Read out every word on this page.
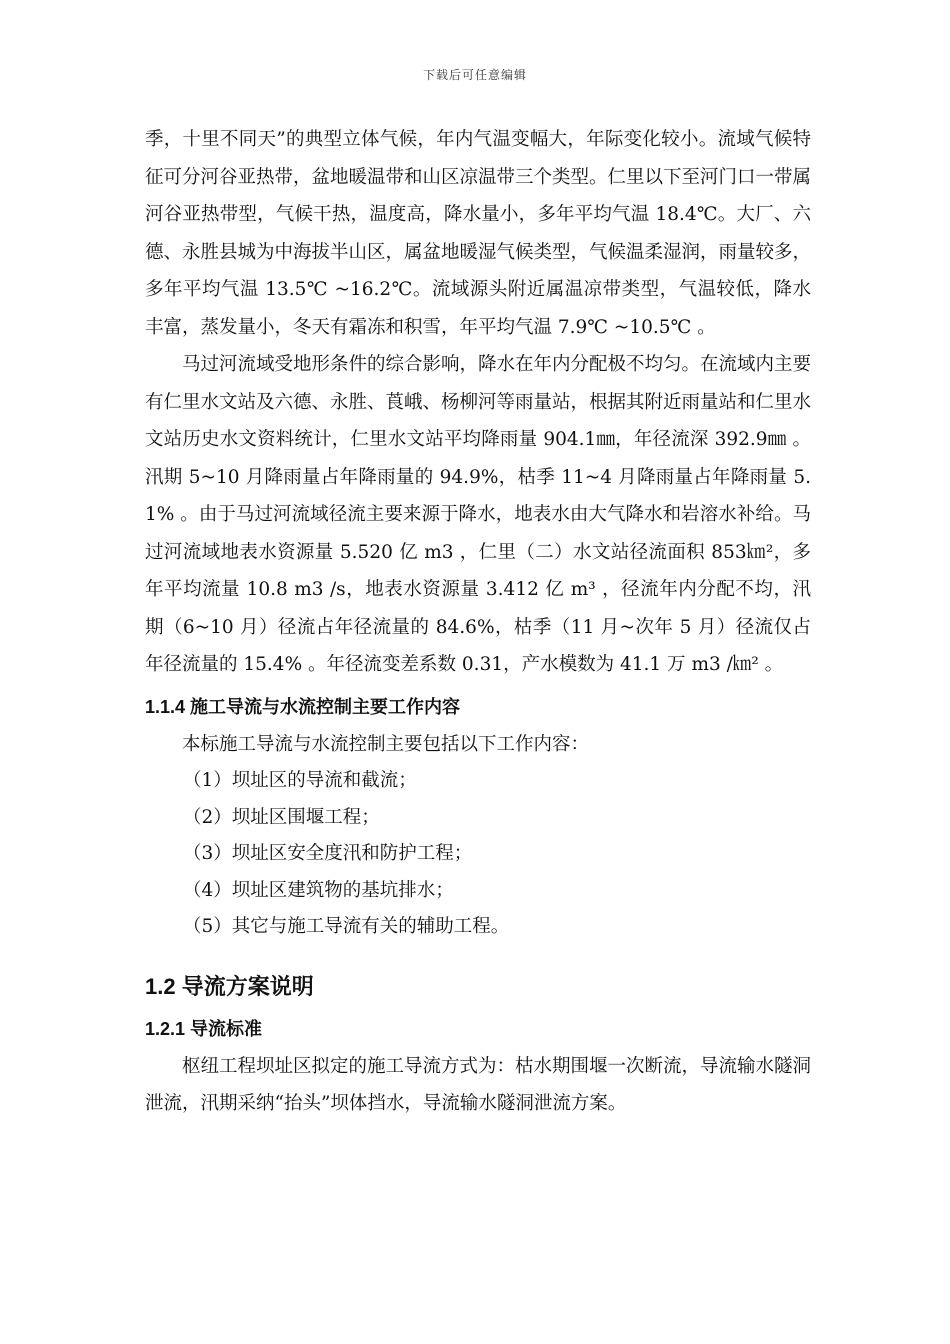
下载后可任意编辑

季，十里不同天”的典型立体气候，年内气温变幅大，年际变化较小。流域气候特征可分河谷亚热带，盆地暖温带和山区凉温带三个类型。仁里以下至河门口一带属河谷亚热带型，气候干热，温度高，降水量小，多年平均气温 18.4℃。大厂、六德、永胜县城为中海拔半山区，属盆地暖湿气候类型，气候温柔湿润，雨量较多，多年平均气温 13.5℃ ~16.2℃。流域源头附近属温凉带类型，气温较低，降水丰富，蒸发量小，冬天有霜冻和积雪，年平均气温 7.9℃ ~10.5℃ 。

马过河流域受地形条件的综合影响，降水在年内分配极不均匀。在流域内主要有仁里水文站及六德、永胜、莨峨、杨柳河等雨量站，根据其附近雨量站和仁里水文站历史水文资料统计，仁里水文站平均降雨量 904.1㎜，年径流深 392.9㎜ 。汛期 5~10 月降雨量占年降雨量的 94.9%，枯季 11~4 月降雨量占年降雨量 5.1% 。由于马过河流域径流主要来源于降水，地表水由大气降水和岩溶水补给。马过河流域地表水资源量 5.520 亿 m3 ，仁里（二）水文站径流面积 853㎞²，多年平均流量 10.8 m3 /s，地表水资源量 3.412 亿 m³ ，径流年内分配不均，汛期（6~10 月）径流占年径流量的 84.6%，枯季（11 月~次年 5 月）径流仅占年径流量的 15.4% 。年径流变差系数 0.31，产水模数为 41.1 万 m3 /㎞² 。

1.1.4 施工导流与水流控制主要工作内容

本标施工导流与水流控制主要包括以下工作内容：

（1）坝址区的导流和截流；

（2）坝址区围堰工程；

（3）坝址区安全度汛和防护工程；

（4）坝址区建筑物的基坑排水；

（5）其它与施工导流有关的辅助工程。

1.2 导流方案说明
1.2.1 导流标准

枢纽工程坝址区拟定的施工导流方式为：枯水期围堰一次断流，导流输水隧洞泄流，汛期采纳“抬头”坝体挡水，导流输水隧洞泄流方案。
